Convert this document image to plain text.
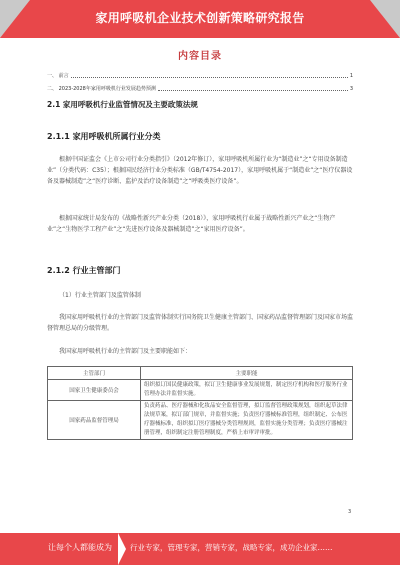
家用呼吸机企业技术创新策略研究报告
内容目录
一、 前言	1
二、 2023-2028年家用呼吸机行业发展趋势预测	3
2.1 家用呼吸机行业监管情况及主要政策法规
2.1.1 家用呼吸机所属行业分类

根据中国证监会《上市公司行业分类指引》（2012年修订），家用呼吸机所属行业为“制造业”之“专用设备制造业”（分类代码：C35）；根据国民经济行业分类标准（GB/T4754-2017），家用呼吸机属于“制造业”之“医疗仪器设备及器械制造”之“医疗诊断、监护及治疗设备制造”之“呼吸类医疗设备”。

根据国家统计局发布的《战略性新兴产业分类（2018）》，家用呼吸机行业属于战略性新兴产业之“生物产业”之“生物医学工程产业”之“先进医疗设备及器械制造”之“家用医疗设备”。

2.1.2 行业主管部门

（1）行业主管部门及监管体制

我国家用呼吸机行业的主管部门及监管体制实行国务院卫生健康主管部门、国家药品监督管理部门及国家市场监督管理总局的分级管理。

我国家用呼吸机行业的主管部门及主要职能如下：

主管部门	主要职能
国家卫生健康委员会	组织拟订国民健康政策，拟订卫生健康事业发展规划，制定医疗机构和医疗服务行业管理办法并监督实施。
国家药品监督管理局	负责药品、医疗器械和化妆品安全监督管理，拟订监督管理政策规划，组织起草法律法规草案，拟订部门规章，并监督实施；负责医疗器械标准管理，组织制定、公布医疗器械标准，组织拟订医疗器械分类管理规则，监督实施分类管理；负责医疗器械注册管理，组织制定注册管理制度，严格上市审评审批。
3
让每个人都能成为 行业专家，管理专家，营销专家，战略专家，成功企业家……
